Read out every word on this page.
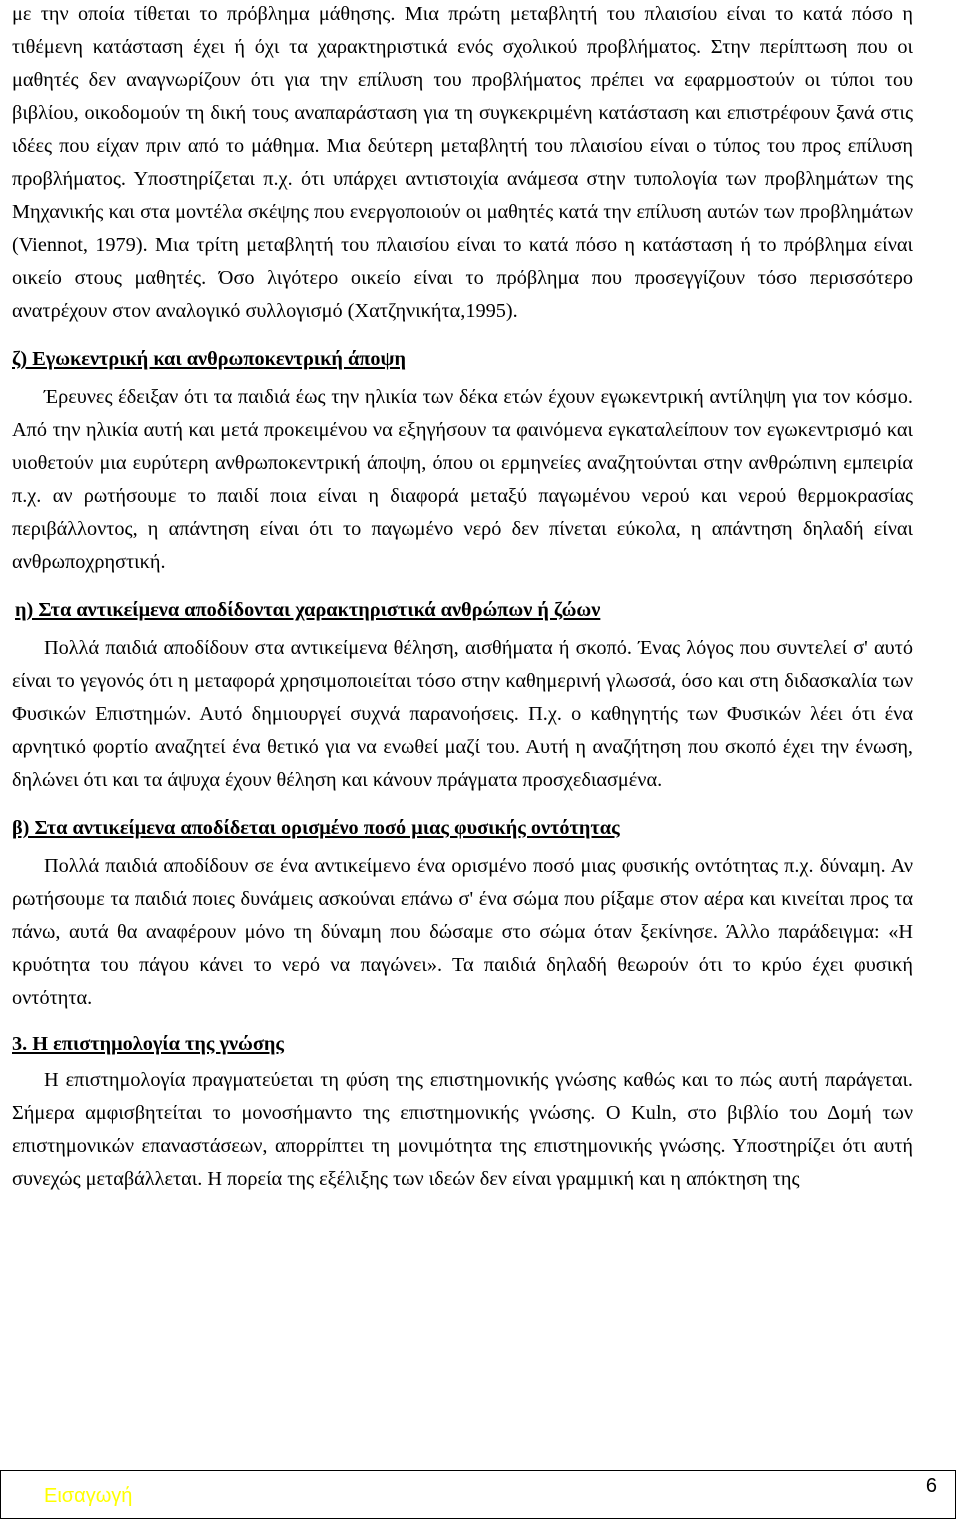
με την οποία τίθεται το πρόβλημα μάθησης. Μια πρώτη μεταβλητή του πλαισίου είναι το κατά πόσο η τιθέμενη κατάσταση έχει ή όχι τα χαρακτηριστικά ενός σχολικού προβλήματος. Στην περίπτωση που οι μαθητές δεν αναγνωρίζουν ότι για την επίλυση του προβλήματος πρέπει να εφαρμοστούν οι τύποι του βιβλίου, οικοδομούν τη δική τους αναπαράσταση για τη συγκεκριμένη κατάσταση και επιστρέφουν ξανά στις ιδέες που είχαν πριν από το μάθημα. Μια δεύτερη μεταβλητή του πλαισίου είναι ο τύπος του προς επίλυση προβλήματος. Υποστηρίζεται π.χ. ότι υπάρχει αντιστοιχία ανάμεσα στην τυπολογία των προβλημάτων της Μηχανικής και στα μοντέλα σκέψης που ενεργοποιούν οι μαθητές κατά την επίλυση αυτών των προβλημάτων (Viennot, 1979). Μια τρίτη μεταβλητή του πλαισίου είναι το κατά πόσο η κατάσταση ή το πρόβλημα είναι οικείο στους μαθητές. Όσο λιγότερο οικείο είναι το πρόβλημα που προσεγγίζουν τόσο περισσότερο ανατρέχουν στον αναλογικό συλλογισμό (Χατζηνικήτα,1995).

ζ) Εγωκεντρική και ανθρωποκεντρική άποψη

Έρευνες έδειξαν ότι τα παιδιά έως την ηλικία των δέκα ετών έχουν εγωκεντρική αντίληψη για τον κόσμο. Από την ηλικία αυτή και μετά προκειμένου να εξηγήσουν τα φαινόμενα εγκαταλείπουν τον εγωκεντρισμό και υιοθετούν μια ευρύτερη ανθρωποκεντρική άποψη, όπου οι ερμηνείες αναζητούνται στην ανθρώπινη εμπειρία π.χ. αν ρωτήσουμε το παιδί ποια είναι η διαφορά μεταξύ παγωμένου νερού και νερού θερμοκρασίας περιβάλλοντος, η απάντηση είναι ότι το παγωμένο νερό δεν πίνεται εύκολα, η απάντηση δηλαδή είναι ανθρωποχρηστική.

η) Στα αντικείμενα αποδίδονται χαρακτηριστικά ανθρώπων ή ζώων

Πολλά παιδιά αποδίδουν στα αντικείμενα θέληση, αισθήματα ή σκοπό. Ένας λόγος που συντελεί σ' αυτό είναι το γεγονός ότι η μεταφορά χρησιμοποιείται τόσο στην καθημερινή γλωσσά, όσο και στη διδασκαλία των Φυσικών Επιστημών. Αυτό δημιουργεί συχνά παρανοήσεις. Π.χ. ο καθηγητής των Φυσικών λέει ότι ένα αρνητικό φορτίο αναζητεί ένα θετικό για να ενωθεί μαζί του. Αυτή η αναζήτηση που σκοπό έχει την ένωση, δηλώνει ότι και τα άψυχα έχουν θέληση και κάνουν πράγματα προσχεδιασμένα.

β) Στα αντικείμενα αποδίδεται ορισμένο ποσό μιας φυσικής οντότητας

Πολλά παιδιά αποδίδουν σε ένα αντικείμενο ένα ορισμένο ποσό μιας φυσικής οντότητας π.χ. δύναμη. Αν ρωτήσουμε τα παιδιά ποιες δυνάμεις ασκούναι επάνω σ' ένα σώμα που ρίξαμε στον αέρα και κινείται προς τα πάνω, αυτά θα αναφέρουν μόνο τη δύναμη που δώσαμε στο σώμα όταν ξεκίνησε. Άλλο παράδειγμα: «Η κρυότητα του πάγου κάνει το νερό να παγώνει». Τα παιδιά δηλαδή θεωρούν ότι το κρύο έχει φυσική οντότητα.

3. Η επιστημολογία της γνώσης

Η επιστημολογία πραγματεύεται τη φύση της επιστημονικής γνώσης καθώς και το πώς αυτή παράγεται. Σήμερα αμφισβητείται το μονοσήμαντο της επιστημονικής γνώσης. Ο Kuln, στο βιβλίο του Δομή των επιστημονικών επαναστάσεων, απορρίπτει τη μονιμότητα της επιστημονικής γνώσης. Υποστηρίζει ότι αυτή συνεχώς μεταβάλλεται. Η πορεία της εξέλιξης των ιδεών δεν είναι γραμμική και η απόκτηση της

Εισαγωγή	6
